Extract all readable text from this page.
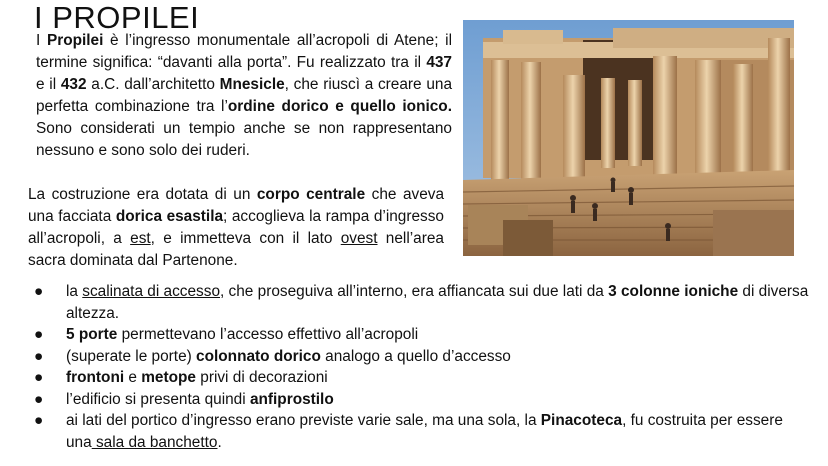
I PROPILEI
I Propilei è l’ingresso monumentale all’acropoli di Atene; il termine significa: “davanti alla porta”. Fu realizzato tra il 437 e il 432 a.C. dall’architetto Mnesicle, che riuscì a creare una perfetta combinazione tra l’ordine dorico e quello ionico. Sono considerati un tempio anche se non rappresentano nessuno e sono solo dei ruderi.
La costruzione era dotata di un corpo centrale che aveva una facciata dorica esastila; accoglieva la rampa d’ingresso all’acropoli, a est, e immetteva con il lato ovest nell’area sacra dominata dal Partenone.
● la scalinata di accesso, che proseguiva all’interno, era affiancata sui due lati da 3 colonne ioniche di diversa altezza.
● 5 porte permettevano l’accesso effettivo all’acropoli
● (superate le porte) colonnato dorico analogo a quello d’accesso
● frontoni e metope privi di decorazioni
● l’edificio si presenta quindi anfiprostilo
● ai lati del portico d’ingresso erano previste varie sale, ma una sola, la Pinacoteca, fu costruita per essere una sala da banchetto.
